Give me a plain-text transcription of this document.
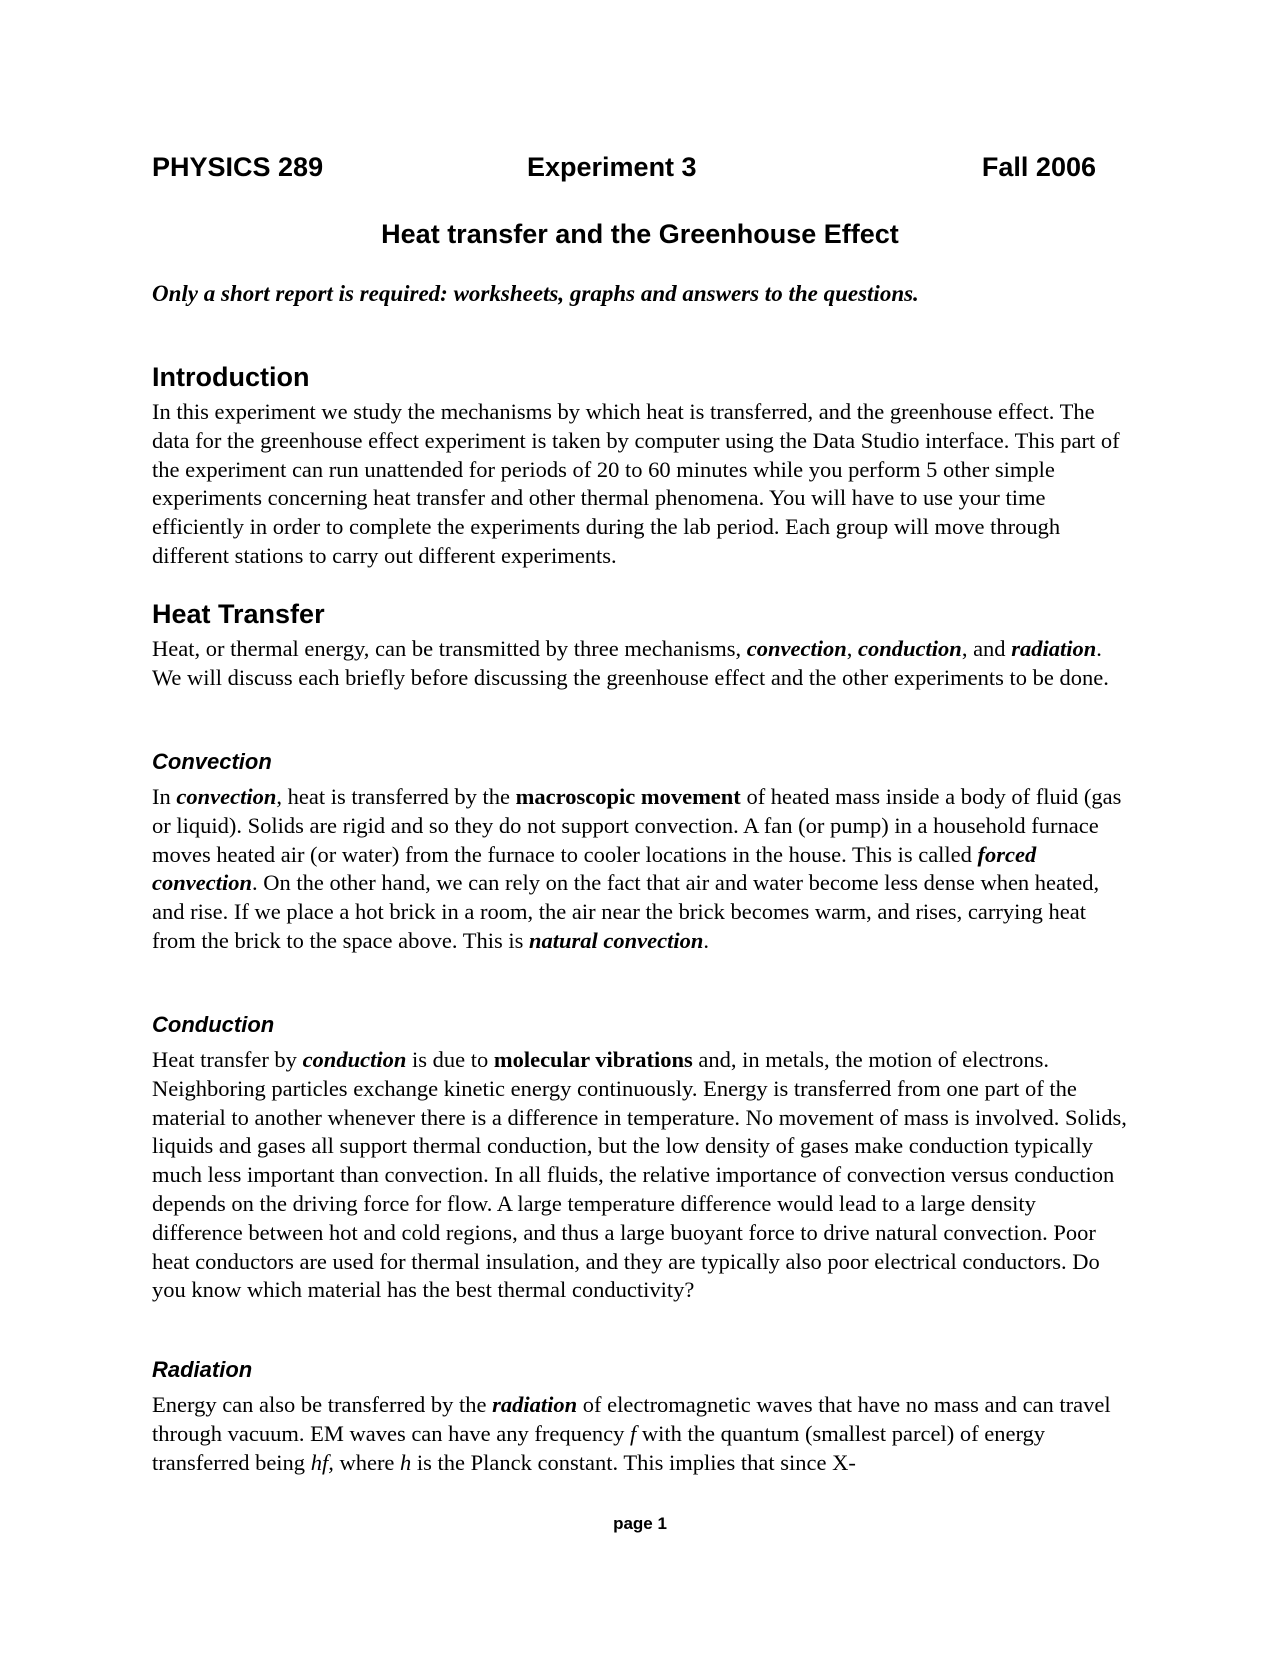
PHYSICS 289	Experiment 3	Fall 2006
Heat transfer and the Greenhouse Effect
Only a short report is required: worksheets, graphs and answers to the questions.
Introduction

In this experiment we study the mechanisms by which heat is transferred, and the greenhouse effect. The data for the greenhouse effect experiment is taken by computer using the Data Studio interface. This part of the experiment can run unattended for periods of 20 to 60 minutes while you perform 5 other simple experiments concerning heat transfer and other thermal phenomena. You will have to use your time efficiently in order to complete the experiments during the lab period. Each group will move through different stations to carry out different experiments.

Heat Transfer

Heat, or thermal energy, can be transmitted by three mechanisms, convection, conduction, and radiation. We will discuss each briefly before discussing the greenhouse effect and the other experiments to be done.

Convection

In convection, heat is transferred by the macroscopic movement of heated mass inside a body of fluid (gas or liquid). Solids are rigid and so they do not support convection. A fan (or pump) in a household furnace moves heated air (or water) from the furnace to cooler locations in the house. This is called forced convection. On the other hand, we can rely on the fact that air and water become less dense when heated, and rise. If we place a hot brick in a room, the air near the brick becomes warm, and rises, carrying heat from the brick to the space above. This is natural convection.

Conduction

Heat transfer by conduction is due to molecular vibrations and, in metals, the motion of electrons. Neighboring particles exchange kinetic energy continuously. Energy is transferred from one part of the material to another whenever there is a difference in temperature. No movement of mass is involved. Solids, liquids and gases all support thermal conduction, but the low density of gases make conduction typically much less important than convection. In all fluids, the relative importance of convection versus conduction depends on the driving force for flow. A large temperature difference would lead to a large density difference between hot and cold regions, and thus a large buoyant force to drive natural convection. Poor heat conductors are used for thermal insulation, and they are typically also poor electrical conductors. Do you know which material has the best thermal conductivity?

Radiation

Energy can also be transferred by the radiation of electromagnetic waves that have no mass and can travel through vacuum. EM waves can have any frequency f with the quantum (smallest parcel) of energy transferred being hf, where h is the Planck constant. This implies that since X-

page 1
